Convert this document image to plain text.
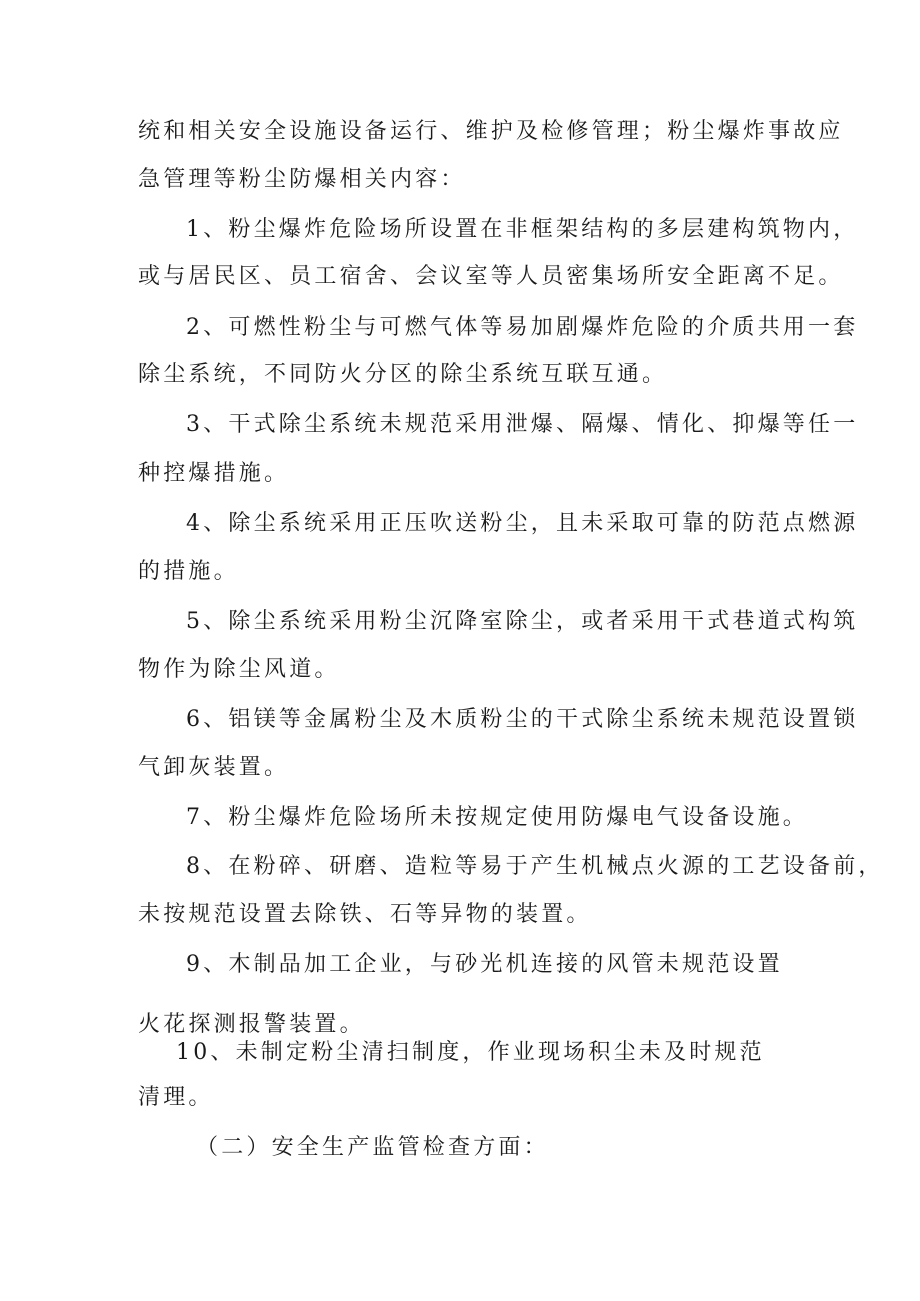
统和相关安全设施设备运行、维护及检修管理；粉尘爆炸事故应
急管理等粉尘防爆相关内容：
1、粉尘爆炸危险场所设置在非框架结构的多层建构筑物内，
或与居民区、员工宿舍、会议室等人员密集场所安全距离不足。
2、可燃性粉尘与可燃气体等易加剧爆炸危险的介质共用一套
除尘系统，不同防火分区的除尘系统互联互通。
3、干式除尘系统未规范采用泄爆、隔爆、情化、抑爆等任一
种控爆措施。
4、除尘系统采用正压吹送粉尘，且未采取可靠的防范点燃源
的措施。
5、除尘系统采用粉尘沉降室除尘，或者采用干式巷道式构筑
物作为除尘风道。
6、铝镁等金属粉尘及木质粉尘的干式除尘系统未规范设置锁
气卸灰装置。
7、粉尘爆炸危险场所未按规定使用防爆电气设备设施。
8、在粉碎、研磨、造粒等易于产生机械点火源的工艺设备前，
未按规范设置去除铁、石等异物的装置。
9、木制品加工企业，与砂光机连接的风管未规范设置
火花探测报警装置。
10、未制定粉尘清扫制度，作业现场积尘未及时规范
清理。
（二）安全生产监管检查方面：
